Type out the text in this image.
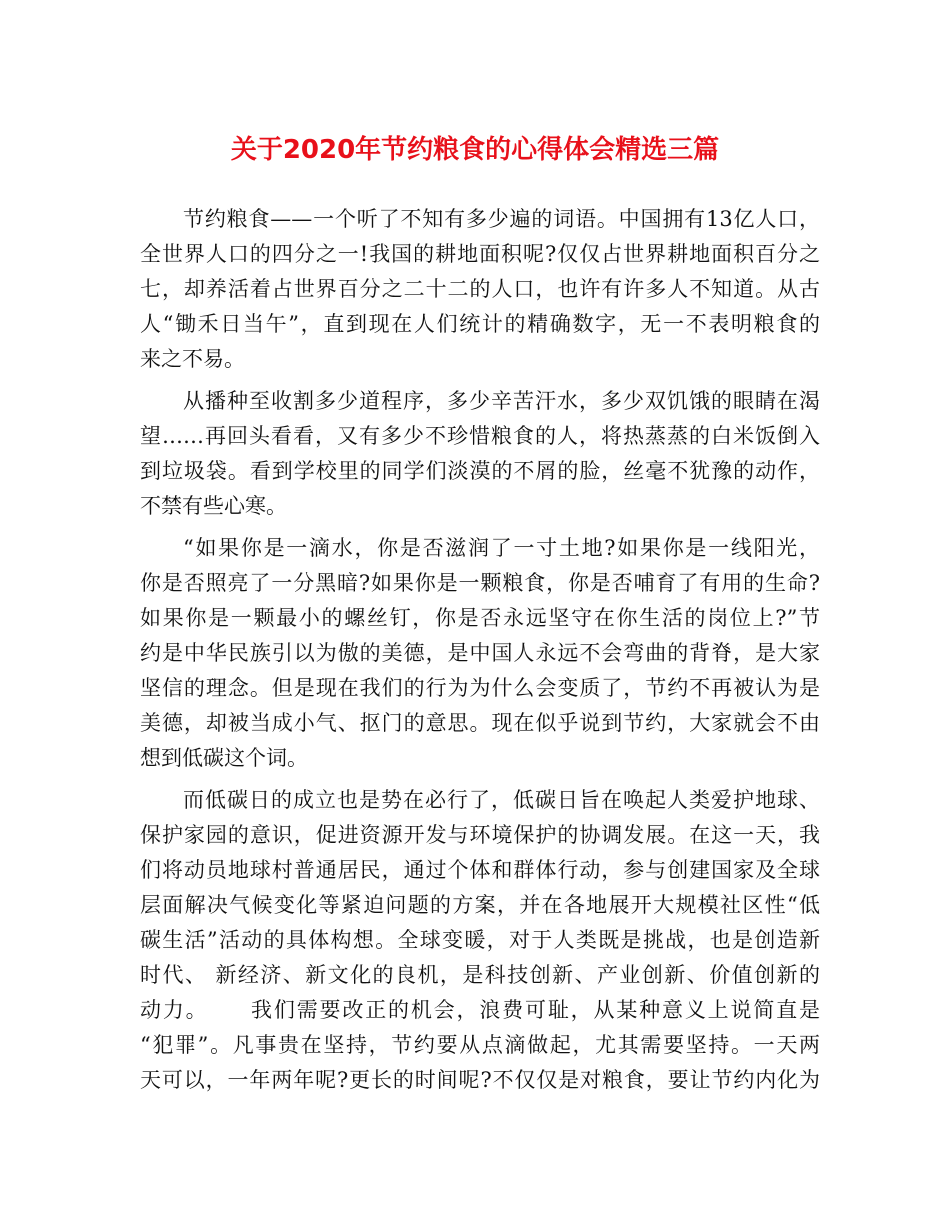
关于2020年节约粮食的心得体会精选三篇
节约粮食——一个听了不知有多少遍的词语。中国拥有13亿人口，
全世界人口的四分之一!我国的耕地面积呢?仅仅占世界耕地面积百分之
七，却养活着占世界百分之二十二的人口，也许有许多人不知道。从古
人“锄禾日当午”，直到现在人们统计的精确数字，无一不表明粮食的
来之不易。
从播种至收割多少道程序，多少辛苦汗水，多少双饥饿的眼睛在渴
望……再回头看看，又有多少不珍惜粮食的人，将热蒸蒸的白米饭倒入
到垃圾袋。看到学校里的同学们淡漠的不屑的脸，丝毫不犹豫的动作，
不禁有些心寒。
“如果你是一滴水，你是否滋润了一寸土地?如果你是一线阳光，
你是否照亮了一分黑暗?如果你是一颗粮食，你是否哺育了有用的生命?
如果你是一颗最小的螺丝钉，你是否永远坚守在你生活的岗位上?”节
约是中华民族引以为傲的美德，是中国人永远不会弯曲的背脊，是大家
坚信的理念。但是现在我们的行为为什么会变质了，节约不再被认为是
美德，却被当成小气、抠门的意思。现在似乎说到节约，大家就会不由
想到低碳这个词。
而低碳日的成立也是势在必行了，低碳日旨在唤起人类爱护地球、
保护家园的意识，促进资源开发与环境保护的协调发展。在这一天，我
们将动员地球村普通居民，通过个体和群体行动，参与创建国家及全球
层面解决气候变化等紧迫问题的方案，并在各地展开大规模社区性“低
碳生活”活动的具体构想。全球变暖，对于人类既是挑战，也是创造新
时代、 新经济、新文化的良机，是科技创新、产业创新、价值创新的
动力。     我们需要改正的机会，浪费可耻，从某种意义上说简直是
“犯罪”。凡事贵在坚持，节约要从点滴做起，尤其需要坚持。一天两
天可以，一年两年呢?更长的时间呢?不仅仅是对粮食，要让节约内化为
